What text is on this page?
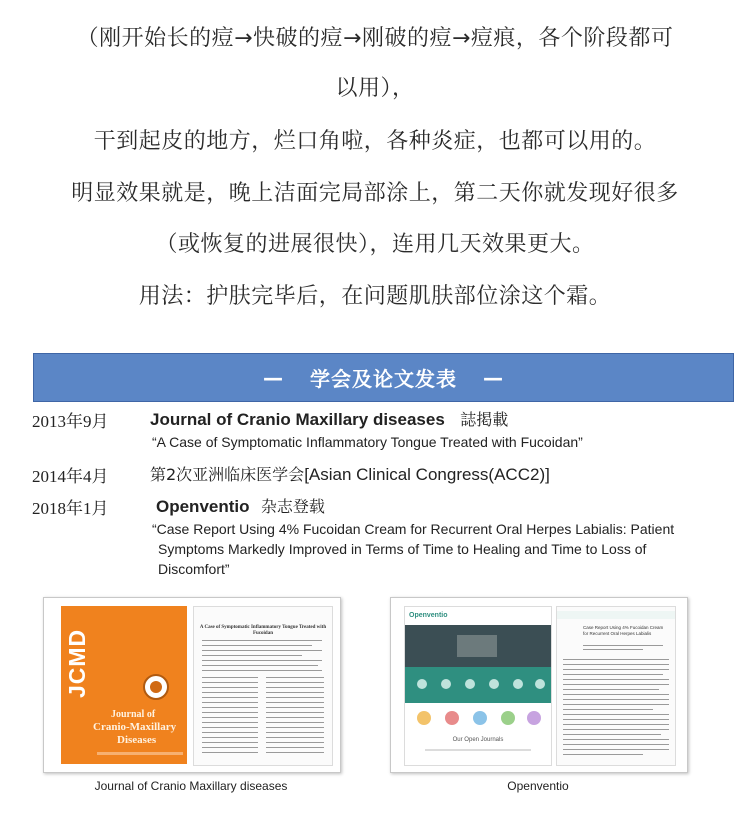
（刚开始长的痘→快破的痘→刚破的痘→痘痕，各个阶段都可

以用），

干到起皮的地方，烂口角啦，各种炎症，也都可以用的。

明显效果就是，晚上洁面完局部涂上，第二天你就发现好很多

（或恢复的进展很快），连用几天效果更大。

用法：护肤完毕后，在问题肌肤部位涂这个霜。

— 学会及论文发表 —
2013年9月 Journal of Cranio Maxillary diseases 誌掲載
“A Case of Symptomatic Inflammatory Tongue Treated with Fucoidan”
2014年4月	第2次亚洲临床医学会[Asian Clinical Congress(ACC2)]
2018年1月	Openventio 杂志登载
“Case Report Using 4% Fucoidan Cream for Recurrent Oral Herpes Labialis: Patient
Symptoms Markedly Improved in Terms of Time to Healing and Time to Loss of
Discomfort”
JCMD
Journal of
Cranio-Maxillary
Diseases
A Case of Symptomatic Inflammatory Tongue Treated with Fucoidan
Journal of Cranio Maxillary diseases
Openventio
Our Open Journals
Case Report Using 4% Fucoidan Cream for Recurrent Oral Herpes Labialis
Openventio
